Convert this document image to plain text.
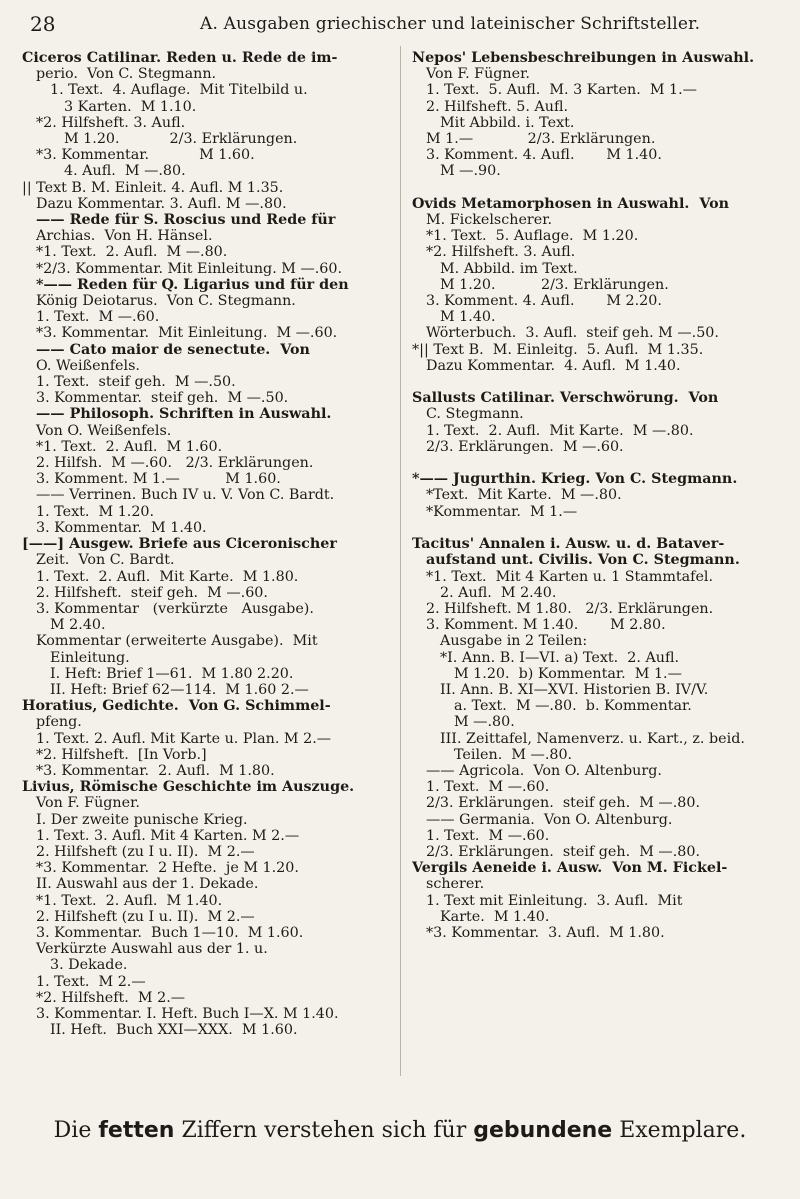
28	A. Ausgaben griechischer und lateinischer Schriftsteller.
Ciceros Catilinar. Reden u. Rede de im-
perio.  Von C. Stegmann.
1. Text.  4. Auflage.  Mit Titelbild u.
3 Karten.  M 1.10.
*2. Hilfsheft. 3. Aufl.
M 1.20.           2/3. Erklärungen.
*3. Kommentar.           M 1.60.
4. Aufl.  M —.80.
|| Text B. M. Einleit. 4. Aufl. M 1.35.
Dazu Kommentar. 3. Aufl. M —.80.
—— Rede für S. Roscius und Rede für
Archias.  Von H. Hänsel.
*1. Text.  2. Aufl.  M —.80.
*2/3. Kommentar. Mit Einleitung. M —.60.
*—— Reden für Q. Ligarius und für den
König Deiotarus.  Von C. Stegmann.
1. Text.  M —.60.
*3. Kommentar.  Mit Einleitung.  M —.60.
—— Cato maior de senectute.  Von
O. Weißenfels.
1. Text.  steif geh.  M —.50.
3. Kommentar.  steif geh.  M —.50.
—— Philosoph. Schriften in Auswahl.
Von O. Weißenfels.
*1. Text.  2. Aufl.  M 1.60.
2. Hilfsh.  M —.60.   2/3. Erklärungen.
3. Komment. M 1.—          M 1.60.
—— Verrinen. Buch IV u. V. Von C. Bardt.
1. Text.  M 1.20.
3. Kommentar.  M 1.40.
[——] Ausgew. Briefe aus Ciceronischer
Zeit.  Von C. Bardt.
1. Text.  2. Aufl.  Mit Karte.  M 1.80.
2. Hilfsheft.  steif geh.  M —.60.
3. Kommentar   (verkürzte   Ausgabe).
M 2.40.
Kommentar (erweiterte Ausgabe).  Mit
Einleitung.
I. Heft: Brief 1—61.  M 1.80 2.20.
II. Heft: Brief 62—114.  M 1.60 2.—
Horatius, Gedichte.  Von G. Schimmel-
pfeng.
1. Text. 2. Aufl. Mit Karte u. Plan. M 2.—
*2. Hilfsheft.  [In Vorb.]
*3. Kommentar.  2. Aufl.  M 1.80.
Livius, Römische Geschichte im Auszuge.
Von F. Fügner.
I. Der zweite punische Krieg.
1. Text. 3. Aufl. Mit 4 Karten. M 2.—
2. Hilfsheft (zu I u. II).  M 2.—
*3. Kommentar.  2 Hefte.  je M 1.20.
II. Auswahl aus der 1. Dekade.
*1. Text.  2. Aufl.  M 1.40.
2. Hilfsheft (zu I u. II).  M 2.—
3. Kommentar.  Buch 1—10.  M 1.60.
Verkürzte Auswahl aus der 1. u.
3. Dekade.
1. Text.  M 2.—
*2. Hilfsheft.  M 2.—
3. Kommentar. I. Heft. Buch I—X. M 1.40.
II. Heft.  Buch XXI—XXX.  M 1.60.
Nepos' Lebensbeschreibungen in Auswahl.
Von F. Fügner.
1. Text.  5. Aufl.  M. 3 Karten.  M 1.—
2. Hilfsheft. 5. Aufl.
Mit Abbild. i. Text.
M 1.—            2/3. Erklärungen.
3. Komment. 4. Aufl.       M 1.40.
M —.90.

Ovids Metamorphosen in Auswahl.  Von
M. Fickelscherer.
*1. Text.  5. Auflage.  M 1.20.
*2. Hilfsheft. 3. Aufl.
M. Abbild. im Text.
M 1.20.          2/3. Erklärungen.
3. Komment. 4. Aufl.       M 2.20.
M 1.40.
Wörterbuch.  3. Aufl.  steif geh. M —.50.
*|| Text B.  M. Einleitg.  5. Aufl.  M 1.35.
Dazu Kommentar.  4. Aufl.  M 1.40.

Sallusts Catilinar. Verschwörung.  Von
C. Stegmann.
1. Text.  2. Aufl.  Mit Karte.  M —.80.
2/3. Erklärungen.  M —.60.

*—— Jugurthin. Krieg. Von C. Stegmann.
*Text.  Mit Karte.  M —.80.
*Kommentar.  M 1.—

Tacitus' Annalen i. Ausw. u. d. Bataver-
aufstand unt. Civilis. Von C. Stegmann.
*1. Text.  Mit 4 Karten u. 1 Stammtafel.
2. Aufl.  M 2.40.
2. Hilfsheft. M 1.80.   2/3. Erklärungen.
3. Komment. M 1.40.       M 2.80.
Ausgabe in 2 Teilen:
*I. Ann. B. I—VI. a) Text.  2. Aufl.
M 1.20.  b) Kommentar.  M 1.—
II. Ann. B. XI—XVI. Historien B. IV/V.
a. Text.  M —.80.  b. Kommentar.
M —.80.
III. Zeittafel, Namenverz. u. Kart., z. beid.
Teilen.  M —.80.
—— Agricola.  Von O. Altenburg.
1. Text.  M —.60.
2/3. Erklärungen.  steif geh.  M —.80.
—— Germania.  Von O. Altenburg.
1. Text.  M —.60.
2/3. Erklärungen.  steif geh.  M —.80.
Vergils Aeneide i. Ausw.  Von M. Fickel-
scherer.
1. Text mit Einleitung.  3. Aufl.  Mit
Karte.  M 1.40.
*3. Kommentar.  3. Aufl.  M 1.80.
Die fetten Ziffern verstehen sich für gebundene Exemplare.
